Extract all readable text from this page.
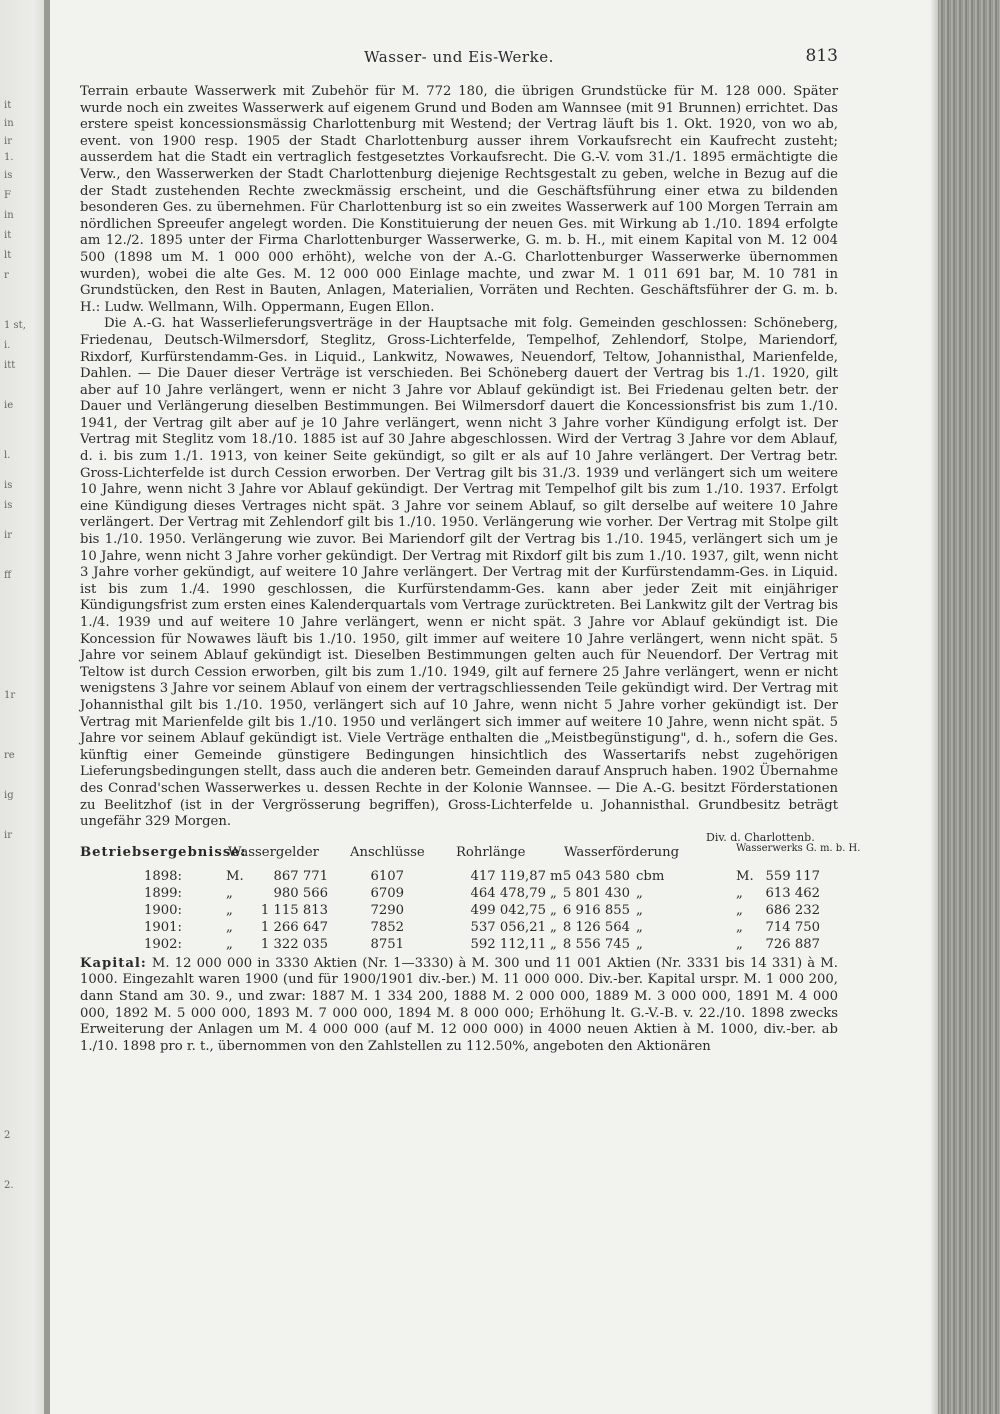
it
in
ir
1.
is
F
in
it
lt
r
1 st,
i.
itt
ie
l.
is
is
ir
ff
1r
re
ig
ir
2
2.
Wasser- und Eis-Werke.	813

Terrain erbaute Wasserwerk mit Zubehör für M. 772 180, die übrigen Grundstücke für M. 128 000. Später wurde noch ein zweites Wasserwerk auf eigenem Grund und Boden am Wannsee (mit 91 Brunnen) errichtet. Das erstere speist koncessionsmässig Charlottenburg mit Westend; der Vertrag läuft bis 1. Okt. 1920, von wo ab, event. von 1900 resp. 1905 der Stadt Charlottenburg ausser ihrem Vorkaufsrecht ein Kaufrecht zusteht; ausserdem hat die Stadt ein vertraglich festgesetztes Vorkaufsrecht. Die G.-V. vom 31./1. 1895 ermächtigte die Verw., den Wasserwerken der Stadt Charlottenburg diejenige Rechtsgestalt zu geben, welche in Bezug auf die der Stadt zustehenden Rechte zweckmässig erscheint, und die Geschäftsführung einer etwa zu bildenden besonderen Ges. zu übernehmen. Für Charlottenburg ist so ein zweites Wasserwerk auf 100 Morgen Terrain am nördlichen Spreeufer angelegt worden. Die Konstituierung der neuen Ges. mit Wirkung ab 1./10. 1894 erfolgte am 12./2. 1895 unter der Firma Charlottenburger Wasserwerke, G. m. b. H., mit einem Kapital von M. 12 004 500 (1898 um M. 1 000 000 erhöht), welche von der A.-G. Charlottenburger Wasserwerke übernommen wurden), wobei die alte Ges. M. 12 000 000 Einlage machte, und zwar M. 1 011 691 bar, M. 10 781 in Grundstücken, den Rest in Bauten, Anlagen, Materialien, Vorräten und Rechten. Geschäftsführer der G. m. b. H.: Ludw. Wellmann, Wilh. Oppermann, Eugen Ellon.

Die A.-G. hat Wasserlieferungsverträge in der Hauptsache mit folg. Gemeinden geschlossen: Schöneberg, Friedenau, Deutsch-Wilmersdorf, Steglitz, Gross-Lichterfelde, Tempelhof, Zehlendorf, Stolpe, Mariendorf, Rixdorf, Kurfürstendamm-Ges. in Liquid., Lankwitz, Nowawes, Neuendorf, Teltow, Johannisthal, Marienfelde, Dahlen. — Die Dauer dieser Verträge ist verschieden. Bei Schöneberg dauert der Vertrag bis 1./1. 1920, gilt aber auf 10 Jahre verlängert, wenn er nicht 3 Jahre vor Ablauf gekündigt ist. Bei Friedenau gelten betr. der Dauer und Verlängerung dieselben Bestimmungen. Bei Wilmersdorf dauert die Koncessionsfrist bis zum 1./10. 1941, der Vertrag gilt aber auf je 10 Jahre verlängert, wenn nicht 3 Jahre vorher Kündigung erfolgt ist. Der Vertrag mit Steglitz vom 18./10. 1885 ist auf 30 Jahre abgeschlossen. Wird der Vertrag 3 Jahre vor dem Ablauf, d. i. bis zum 1./1. 1913, von keiner Seite gekündigt, so gilt er als auf 10 Jahre verlängert. Der Vertrag betr. Gross-Lichterfelde ist durch Cession erworben. Der Vertrag gilt bis 31./3. 1939 und verlängert sich um weitere 10 Jahre, wenn nicht 3 Jahre vor Ablauf gekündigt. Der Vertrag mit Tempelhof gilt bis zum 1./10. 1937. Erfolgt eine Kündigung dieses Vertrages nicht spät. 3 Jahre vor seinem Ablauf, so gilt derselbe auf weitere 10 Jahre verlängert. Der Vertrag mit Zehlendorf gilt bis 1./10. 1950. Verlängerung wie vorher. Der Vertrag mit Stolpe gilt bis 1./10. 1950. Verlängerung wie zuvor. Bei Mariendorf gilt der Vertrag bis 1./10. 1945, verlängert sich um je 10 Jahre, wenn nicht 3 Jahre vorher gekündigt. Der Vertrag mit Rixdorf gilt bis zum 1./10. 1937, gilt, wenn nicht 3 Jahre vorher gekündigt, auf weitere 10 Jahre verlängert. Der Vertrag mit der Kurfürstendamm-Ges. in Liquid. ist bis zum 1./4. 1990 geschlossen, die Kurfürstendamm-Ges. kann aber jeder Zeit mit einjähriger Kündigungsfrist zum ersten eines Kalenderquartals vom Vertrage zurücktreten. Bei Lankwitz gilt der Vertrag bis 1./4. 1939 und auf weitere 10 Jahre verlängert, wenn er nicht spät. 3 Jahre vor Ablauf gekündigt ist. Die Koncession für Nowawes läuft bis 1./10. 1950, gilt immer auf weitere 10 Jahre verlängert, wenn nicht spät. 5 Jahre vor seinem Ablauf gekündigt ist. Dieselben Bestimmungen gelten auch für Neuendorf. Der Vertrag mit Teltow ist durch Cession erworben, gilt bis zum 1./10. 1949, gilt auf fernere 25 Jahre verlängert, wenn er nicht wenigstens 3 Jahre vor seinem Ablauf von einem der vertragschliessenden Teile gekündigt wird. Der Vertrag mit Johannisthal gilt bis 1./10. 1950, verlängert sich auf 10 Jahre, wenn nicht 5 Jahre vorher gekündigt ist. Der Vertrag mit Marienfelde gilt bis 1./10. 1950 und verlängert sich immer auf weitere 10 Jahre, wenn nicht spät. 5 Jahre vor seinem Ablauf gekündigt ist. Viele Verträge enthalten die „Meistbegünstigung", d. h., sofern die Ges. künftig einer Gemeinde günstigere Bedingungen hinsichtlich des Wassertarifs nebst zugehörigen Lieferungsbedingungen stellt, dass auch die anderen betr. Gemeinden darauf Anspruch haben. 1902 Übernahme des Conrad'schen Wasserwerkes u. dessen Rechte in der Kolonie Wannsee. — Die A.-G. besitzt Förderstationen zu Beelitzhof (ist in der Vergrösserung begriffen), Gross-Lichterfelde u. Johannisthal. Grundbesitz beträgt ungefähr 329 Morgen.

Betriebsergebnisse:
Wassergelder Anschlüsse Rohrlänge	Wasserförderung
Div. d. Charlottenb.
Wasserwerks G. m. b. H.
1898:	M.	867 771	6107	417 119,87 m 5 043 580 cbm	M. 559 117
1899:	„	980 566	6709	464 478,79 „ 5 801 430 „	„	613 462
1900:	„	1 115 813	7290	499 042,75 „ 6 916 855 „	„	686 232
1901:	„	1 266 647	7852	537 056,21 „ 8 126 564 „	„	714 750
1902:	„	1 322 035	8751	592 112,11 „ 8 556 745 „	„	726 887

Kapital: M. 12 000 000 in 3330 Aktien (Nr. 1—3330) à M. 300 und 11 001 Aktien (Nr. 3331 bis 14 331) à M. 1000. Eingezahlt waren 1900 (und für 1900/1901 div.-ber.) M. 11 000 000. Div.-ber. Kapital urspr. M. 1 000 200, dann Stand am 30. 9., und zwar: 1887 M. 1 334 200, 1888 M. 2 000 000, 1889 M. 3 000 000, 1891 M. 4 000 000, 1892 M. 5 000 000, 1893 M. 7 000 000, 1894 M. 8 000 000; Erhöhung lt. G.-V.-B. v. 22./10. 1898 zwecks Erweiterung der Anlagen um M. 4 000 000 (auf M. 12 000 000) in 4000 neuen Aktien à M. 1000, div.-ber. ab 1./10. 1898 pro r. t., übernommen von den Zahlstellen zu 112.50%, angeboten den Aktionären
